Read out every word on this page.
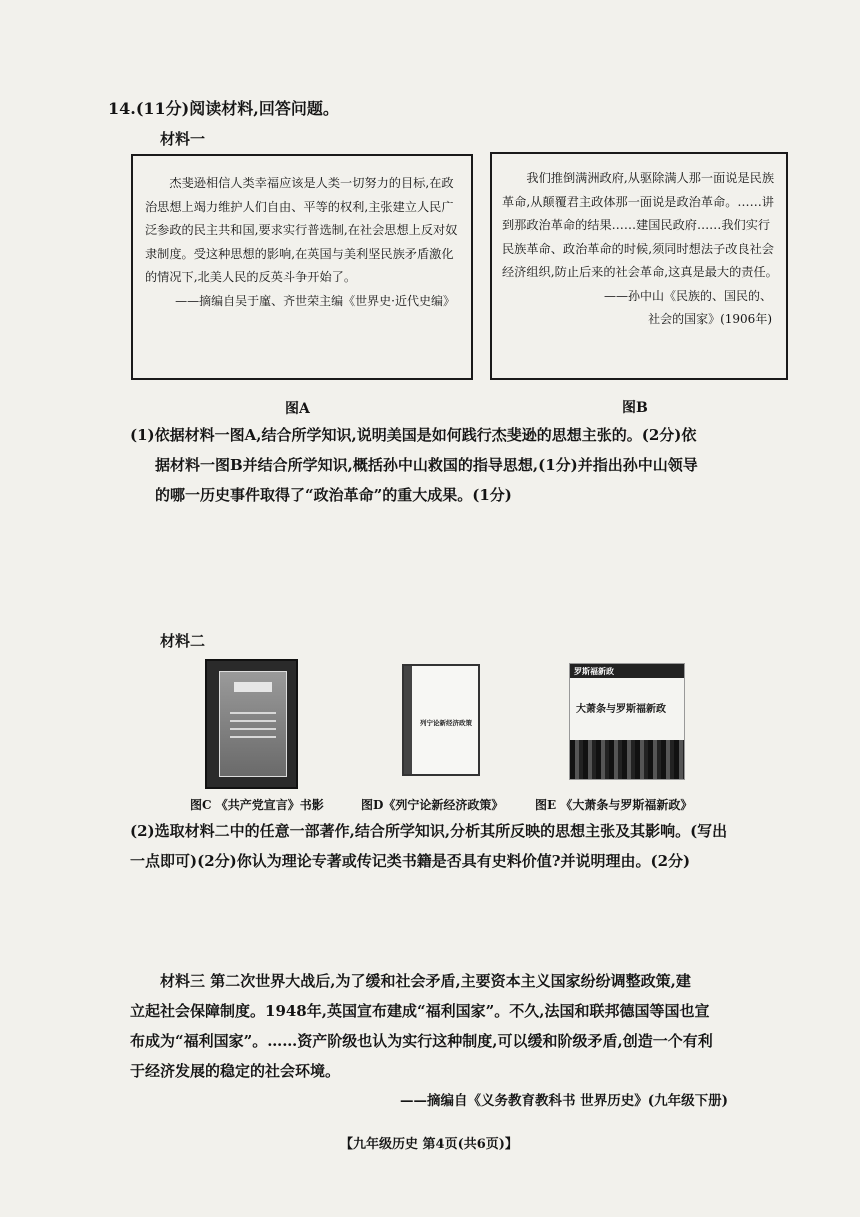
14.(11分)阅读材料,回答问题。
材料一
杰斐逊相信人类幸福应该是人类一切努力的目标,在政治思想上竭力维护人们自由、平等的权利,主张建立人民广泛参政的民主共和国,要求实行普选制,在社会思想上反对奴隶制度。受这种思想的影响,在英国与美利坚民族矛盾激化的情况下,北美人民的反英斗争开始了。
——摘编自吴于廑、齐世荣主编《世界史·近代史编》
我们推倒满洲政府,从驱除满人那一面说是民族革命,从颠覆君主政体那一面说是政治革命。……讲到那政治革命的结果……建国民政府……我们实行民族革命、政治革命的时候,须同时想法子改良社会经济组织,防止后来的社会革命,这真是最大的责任。
——孙中山《民族的、国民的、
社会的国家》(1906年)
图A	图B
(1)依据材料一图A,结合所学知识,说明美国是如何践行杰斐逊的思想主张的。(2分)依
据材料一图B并结合所学知识,概括孙中山救国的指导思想,(1分)并指出孙中山领导
的哪一历史事件取得了“政治革命”的重大成果。(1分)
材料二
列宁论新经济政策
罗斯福新政
大萧条与罗斯福新政
图C 《共产党宣言》书影	图D《列宁论新经济政策》	图E 《大萧条与罗斯福新政》
(2)选取材料二中的任意一部著作,结合所学知识,分析其所反映的思想主张及其影响。(写出
一点即可)(2分)你认为理论专著或传记类书籍是否具有史料价值?并说明理由。(2分)
材料三 第二次世界大战后,为了缓和社会矛盾,主要资本主义国家纷纷调整政策,建
立起社会保障制度。1948年,英国宣布建成“福利国家”。不久,法国和联邦德国等国也宣
布成为“福利国家”。……资产阶级也认为实行这种制度,可以缓和阶级矛盾,创造一个有利
于经济发展的稳定的社会环境。
——摘编自《义务教育教科书 世界历史》(九年级下册)
【九年级历史 第4页(共6页)】
